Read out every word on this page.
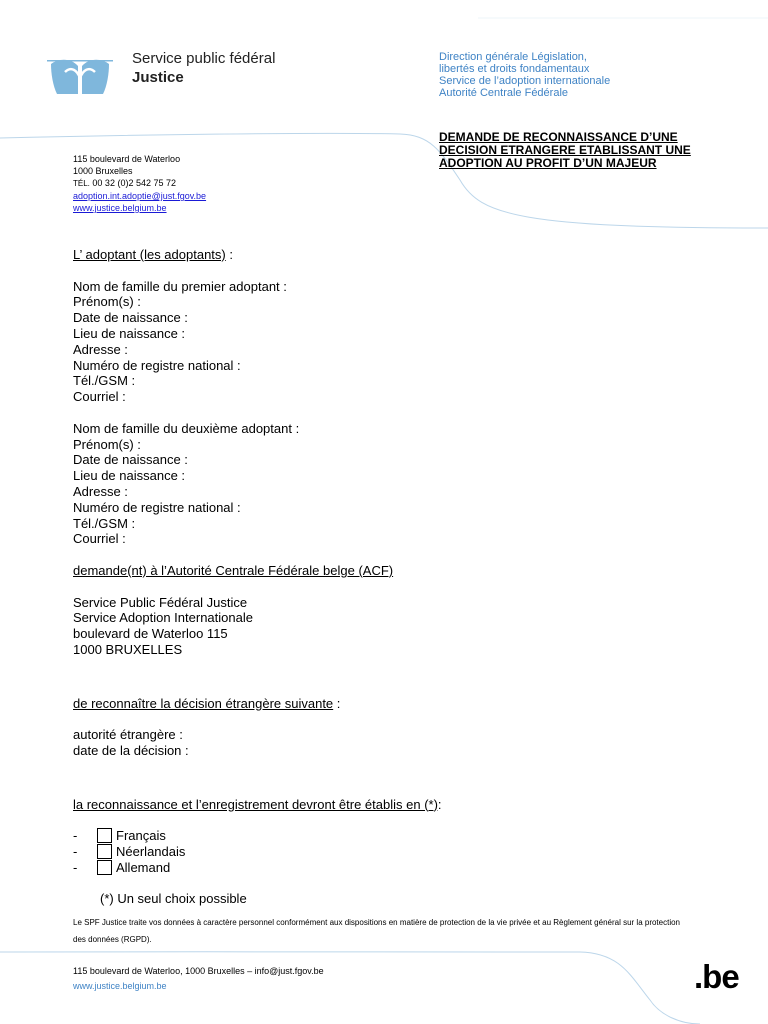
Service public fédéral
Justice
Direction générale Législation,
libertés et droits fondamentaux
Service de l’adoption internationale
Autorité Centrale Fédérale
DEMANDE DE RECONNAISSANCE D’UNE
DECISION ETRANGERE ETABLISSANT UNE
ADOPTION AU PROFIT D’UN MAJEUR
115 boulevard de Waterloo
1000 Bruxelles
TÉL. 00 32 (0)2 542 75 72
adoption.int.adoptie@just.fgov.be
www.justice.belgium.be
L’ adoptant (les adoptants) :
Nom de famille du premier adoptant :
Prénom(s) :
Date de naissance :
Lieu de naissance :
Adresse :
Numéro de registre national :
Tél./GSM :
Courriel :
Nom de famille du deuxième adoptant :
Prénom(s) :
Date de naissance :
Lieu de naissance :
Adresse :
Numéro de registre national :
Tél./GSM :
Courriel :
demande(nt) à l’Autorité Centrale Fédérale belge (ACF)
Service Public Fédéral Justice
Service Adoption Internationale
boulevard de Waterloo 115
1000 BRUXELLES
de reconnaître la décision étrangère suivante :
autorité étrangère :
date de la décision :
la reconnaissance et l’enregistrement devront être établis en (*):
-	Français
-	Néerlandais
-	Allemand
(*) Un seul choix possible
Le SPF Justice traite vos données à caractère personnel conformément aux dispositions en matière de protection de la vie privée et au Règlement général sur la protection des données (RGPD).
115 boulevard de Waterloo, 1000 Bruxelles – info@just.fgov.be
www.justice.belgium.be	.be
